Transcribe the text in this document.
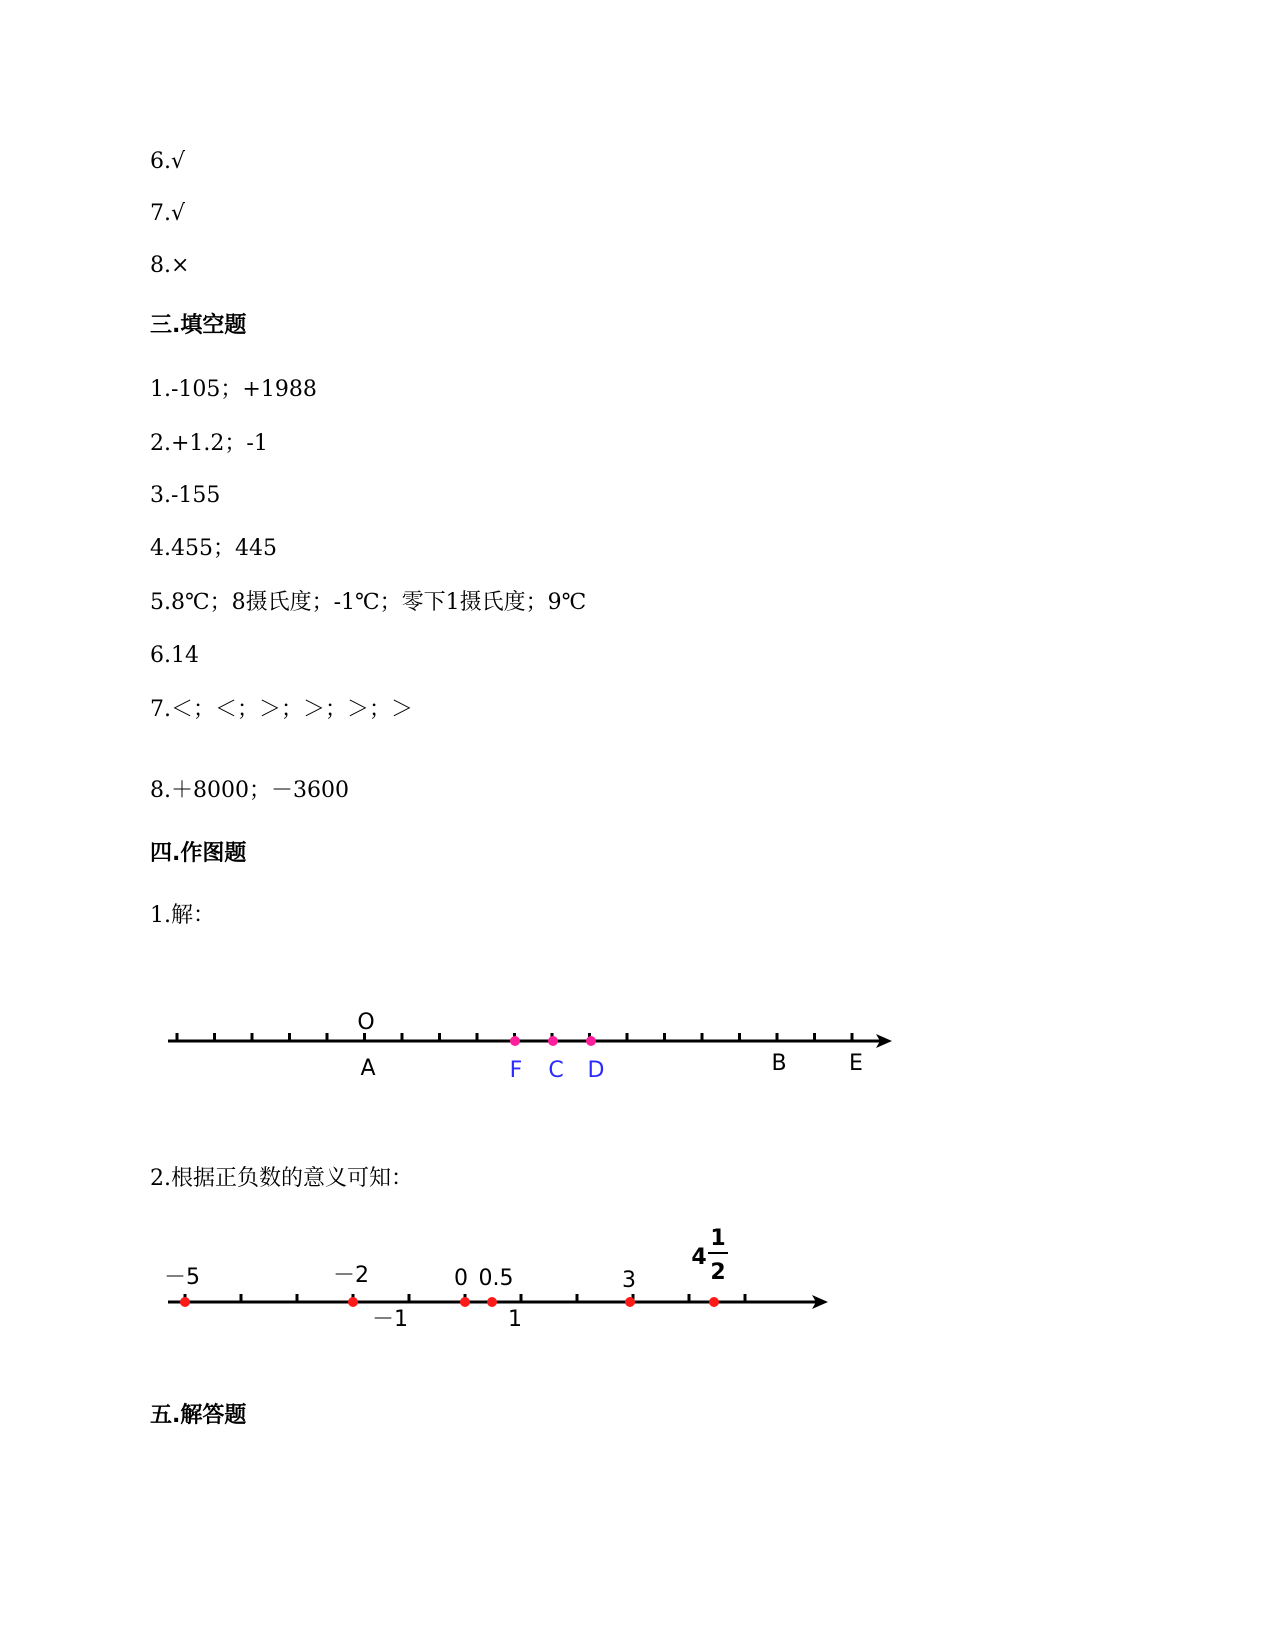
6.√
7.√
8.×
三.填空题
1.-105；+1988
2.+1.2；-1
3.-155
4.455；445
5.8℃；8摄氏度；-1℃；零下1摄氏度；9℃
6.14
7.＜；＜；＞；＞；＞；＞
8.＋8000；－3600
四.作图题
1.解：
O
A	B	E
F C D
2.根据正负数的意义可知：
－5	－2	0 0.5	3
4
1
2
－1	1
五.解答题
